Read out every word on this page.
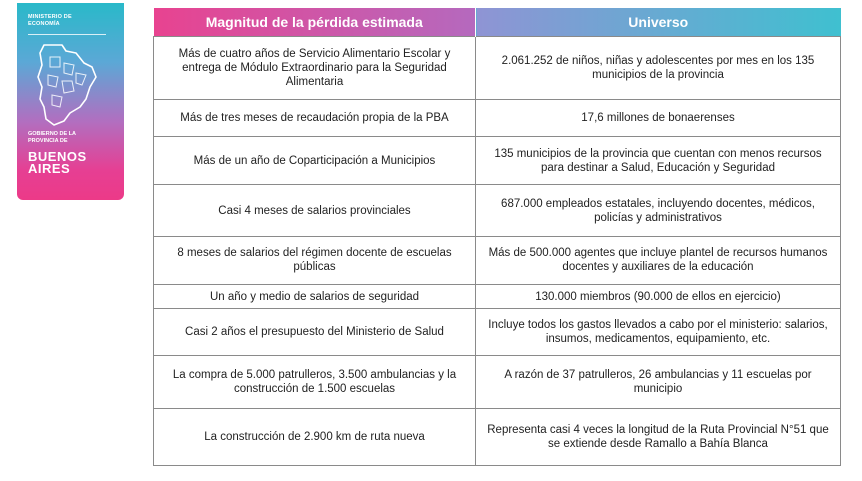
MINISTERIO DE
ECONOMÍA
GOBIERNO DE LA
PROVINCIA DE
BUENOS
AIRES
Magnitud de la pérdida estimada	Universo
Más de cuatro años de Servicio Alimentario Escolar y entrega de Módulo Extraordinario para la Seguridad Alimentaria	2.061.252 de niños, niñas y adolescentes por mes en los 135 municipios de la provincia
Más de tres meses de recaudación propia de la PBA	17,6 millones de bonaerenses
Más de un año de Coparticipación a Municipios	135 municipios de la provincia que cuentan con menos recursos para destinar a Salud, Educación y Seguridad
Casi 4 meses de salarios provinciales	687.000 empleados estatales, incluyendo docentes, médicos, policías y administrativos
8 meses de salarios del régimen docente de escuelas públicas	Más de 500.000 agentes que incluye plantel de recursos humanos docentes y auxiliares de la educación
Un año y medio de salarios de seguridad	130.000 miembros (90.000 de ellos en ejercicio)
Casi 2 años el presupuesto del Ministerio de Salud	Incluye todos los gastos llevados a cabo por el ministerio: salarios, insumos, medicamentos, equipamiento, etc.
La compra de 5.000 patrulleros, 3.500 ambulancias y la construcción de 1.500 escuelas	A razón de 37 patrulleros, 26 ambulancias y 11 escuelas por municipio
La construcción de 2.900 km de ruta nueva	Representa casi 4 veces la longitud de la Ruta Provincial N°51 que se extiende desde Ramallo a Bahía Blanca
